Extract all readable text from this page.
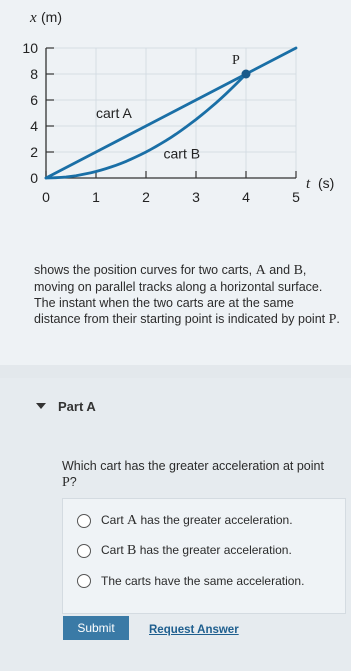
10
8
6
4
2
0
0	1	2	3	4	5
x (m)
t (s)
cart A
cart B
P
shows the position curves for two carts, A and B, moving on parallel tracks along a horizontal surface. The instant when the two carts are at the same distance from their starting point is indicated by point P.
Part A
Which cart has the greater acceleration at point P?
Cart A has the greater acceleration.
Cart B has the greater acceleration.
The carts have the same acceleration.
Submit	Request Answer
